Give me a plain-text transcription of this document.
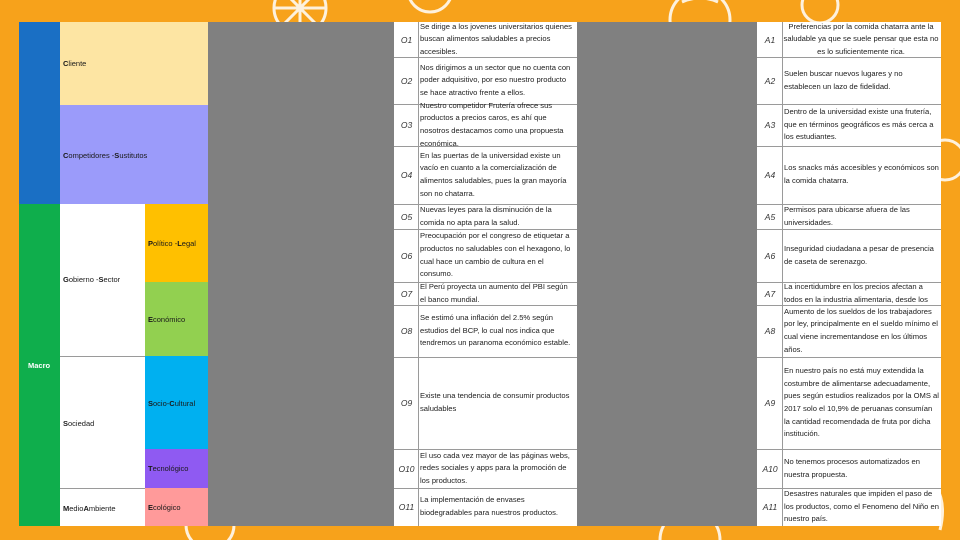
Macro
C liente
C ompetidores - S ustitutos
G obierno - S ector
S ociedad
M edio A mbiente
P olítico - L egal
E conómico
S ocio- C ultural
T ecnológico
E cológico
O1
Se dirige a los jovenes universitarios quienes buscan alimentos saludables a precios accesibles.
O2
Nos dirigimos a un sector que no cuenta con poder adquisitivo, por eso nuestro producto se hace atractivo frente a ellos.
O3
Nuestro competidor Frutería ofrece sus productos a precios caros, es ahí que nosotros destacamos como una propuesta económica.
O4
En las puertas de la universidad existe un vacío en cuanto a la comercialización de alimentos saludables, pues la gran mayoría son no chatarra.
O5
Nuevas leyes para la disminución de la comida no apta para la salud.
O6
Preocupación por el congreso de etiquetar a productos no saludables con el hexagono, lo cual hace un cambio de cultura en el consumo.
O7
El Perú proyecta un aumento del PBI según el banco mundial.
O8
Se estimó una inflación del 2.5% según estudios del BCP, lo cual nos indica que tendremos un paranoma económico estable.
O9
Existe una tendencia de consumir productos saludables
O10
El uso cada vez mayor de las páginas webs, redes sociales y apps para la promoción de los productos.
O11
La implementación de envases biodegradables para nuestros productos.
A1
Preferencias por la comida chatarra ante la saludable ya que se suele pensar que esta no es lo suficientemente rica.
A2
Suelen buscar nuevos lugares y no establecen un lazo de fidelidad.
A3
Dentro de la universidad existe una frutería, que en términos geográficos es más cerca a los estudiantes.
A4
Los snacks más accesibles y económicos son la comida chatarra.
A5
Permisos para ubicarse afuera de las universidades.
A6
Inseguridad ciudadana a pesar de presencia de caseta de serenazgo.
A7
La incertidumbre en los precios afectan a todos en la industria alimentaria, desde los
A8
Aumento de los sueldos de los trabajadores por ley, principalmente en el sueldo mínimo el cual viene incrementandose en los últimos años.
A9
En nuestro país no está muy extendida la costumbre de alimentarse adecuadamente, pues según estudios realizados por la OMS al 2017 solo el 10,9% de peruanas consumían la cantidad recomendada de fruta por dicha institución.
A10
No tenemos procesos automatizados en nuestra propuesta.
A11
Desastres naturales que impiden el paso de los productos, como el Fenomeno del Niño en nuestro país.
